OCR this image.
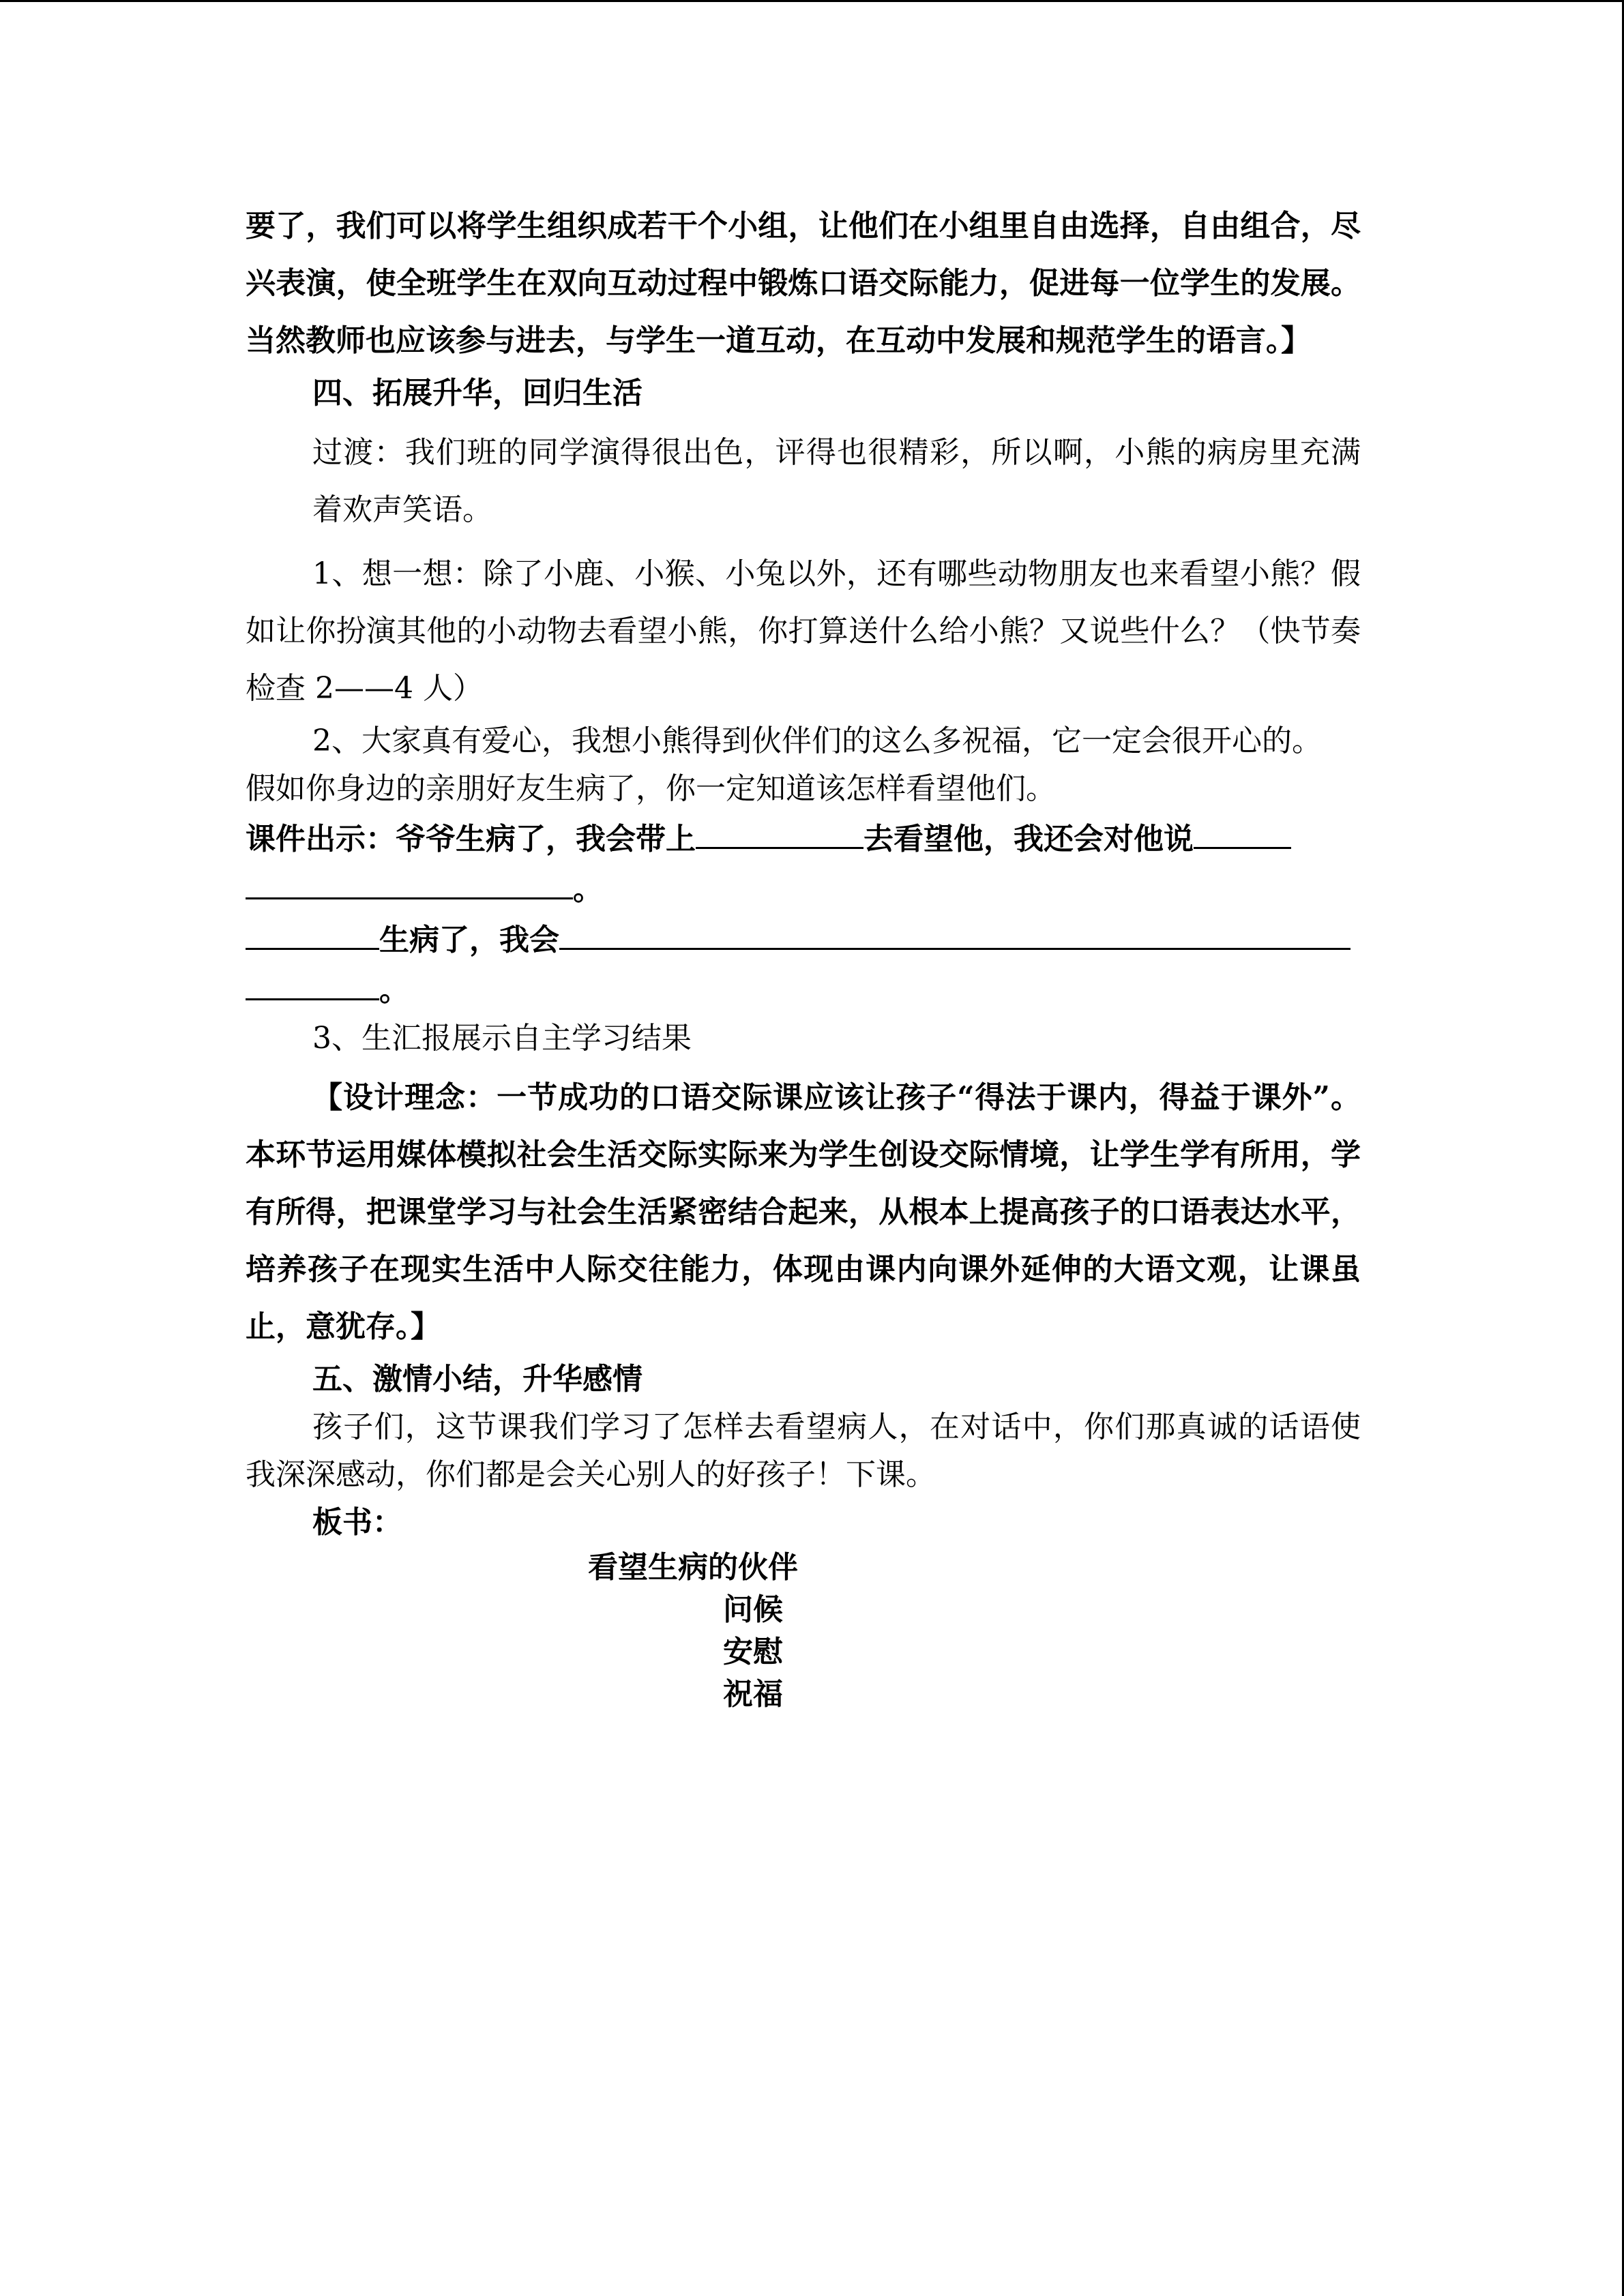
要了，我们可以将学生组织成若干个小组，让他们在小组里自由选择，自由组合，尽兴表演，使全班学生在双向互动过程中锻炼口语交际能力，促进每一位学生的发展。当然教师也应该参与进去，与学生一道互动，在互动中发展和规范学生的语言。】

四、拓展升华，回归生活

过渡：我们班的同学演得很出色，评得也很精彩，所以啊，小熊的病房里充满着欢声笑语。

1、想一想：除了小鹿、小猴、小兔以外，还有哪些动物朋友也来看望小熊？假如让你扮演其他的小动物去看望小熊，你打算送什么给小熊？又说些什么？（快节奏检查 2——4 人）

2、大家真有爱心，我想小熊得到伙伴们的这么多祝福，它一定会很开心的。

假如你身边的亲朋好友生病了，你一定知道该怎样看望他们。

课件出示：爷爷生病了，我会带上	去看望他，我还会对他说

。

生病了，我会

。

3、生汇报展示自主学习结果

【设计理念：一节成功的口语交际课应该让孩子“得法于课内，得益于课外”。本环节运用媒体模拟社会生活交际实际来为学生创设交际情境，让学生学有所用，学有所得，把课堂学习与社会生活紧密结合起来，从根本上提高孩子的口语表达水平，培养孩子在现实生活中人际交往能力，体现由课内向课外延伸的大语文观，让课虽止，意犹存。】

五、激情小结，升华感情

孩子们，这节课我们学习了怎样去看望病人，在对话中，你们那真诚的话语使我深深感动，你们都是会关心别人的好孩子！下课。

板书：

看望生病的伙伴
问候
安慰
祝福
